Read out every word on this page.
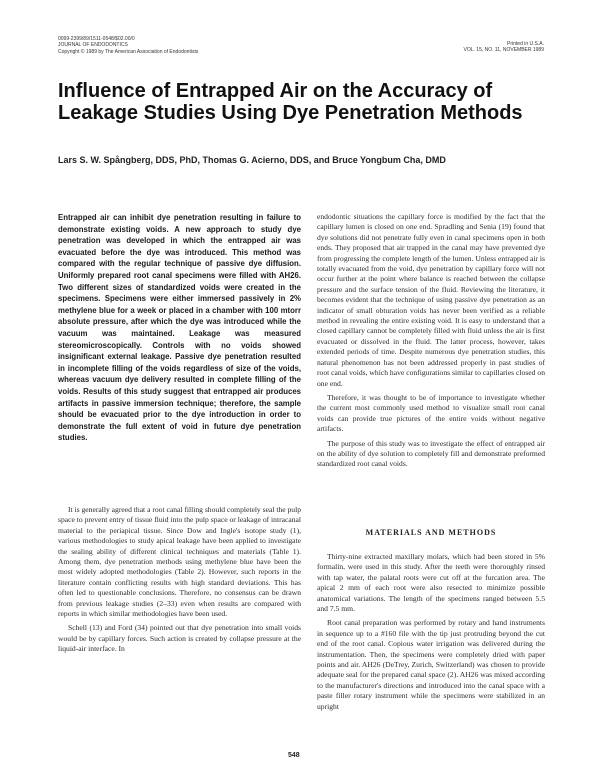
0099-2399/89/1511-0548/$02.00/0
JOURNAL OF ENDODONTICS
Copyright © 1989 by The American Association of Endodontists
Printed in U.S.A.
VOL. 15, NO. 11, NOVEMBER 1989
Influence of Entrapped Air on the Accuracy of Leakage Studies Using Dye Penetration Methods

Lars S. W. Spångberg, DDS, PhD, Thomas G. Acierno, DDS, and Bruce Yongbum Cha, DMD

Entrapped air can inhibit dye penetration resulting in failure to demonstrate existing voids. A new approach to study dye penetration was developed in which the entrapped air was evacuated before the dye was introduced. This method was compared with the regular technique of passive dye diffusion. Uniformly prepared root canal specimens were filled with AH26. Two different sizes of standardized voids were created in the specimens. Specimens were either immersed passively in 2% methylene blue for a week or placed in a chamber with 100 mtorr absolute pressure, after which the dye was introduced while the vacuum was maintained. Leakage was measured stereomicroscopically. Controls with no voids showed insignificant external leakage. Passive dye penetration resulted in incomplete filling of the voids regardless of size of the voids, whereas vacuum dye delivery resulted in complete filling of the voids. Results of this study suggest that entrapped air produces artifacts in passive immersion technique; therefore, the sample should be evacuated prior to the dye introduction in order to demonstrate the full extent of void in future dye penetration studies.

endodontic situations the capillary force is modified by the fact that the capillary lumen is closed on one end. Spradling and Senia (19) found that dye solutions did not penetrate fully even in canal specimens open in both ends. They proposed that air trapped in the canal may have prevented dye from progressing the complete length of the lumen. Unless entrapped air is totally evacuated from the void, dye penetration by capillary force will not occur further at the point where balance is reached between the collapse pressure and the surface tension of the fluid. Reviewing the literature, it becomes evident that the technique of using passive dye penetration as an indicator of small obturation voids has never been verified as a reliable method in revealing the entire existing void. It is easy to understand that a closed capillary cannot be completely filled with fluid unless the air is first evacuated or dissolved in the fluid. The latter process, however, takes extended periods of time. Despite numerous dye penetration studies, this natural phenomenon has not been addressed properly in past studies of root canal voids, which have configurations similar to capillaries closed on one end.

Therefore, it was thought to be of importance to investigate whether the current most commonly used method to visualize small root canal voids can provide true pictures of the entire voids without negative artifacts.

The purpose of this study was to investigate the effect of entrapped air on the ability of dye solution to completely fill and demonstrate preformed standardized root canal voids.

MATERIALS AND METHODS

It is generally agreed that a root canal filling should completely seal the pulp space to prevent entry of tissue fluid into the pulp space or leakage of intracanal material to the periapical tissue. Since Dow and Ingle's isotope study (1), various methodologies to study apical leakage have been applied to investigate the sealing ability of different clinical techniques and materials (Table 1). Among them, dye penetration methods using methylene blue have been the most widely adopted methodologies (Table 2). However, such reports in the literature contain conflicting results with high standard deviations. This has often led to questionable conclusions. Therefore, no consensus can be drawn from previous leakage studies (2–33) even when results are compared with reports in which similar methodologies have been used.

Schell (13) and Ford (34) pointed out that dye penetration into small voids would be by capillary forces. Such action is created by collapse pressure at the liquid-air interface. In

Thirty-nine extracted maxillary molars, which had been stored in 5% formalin, were used in this study. After the teeth were thoroughly rinsed with tap water, the palatal roots were cut off at the furcation area. The apical 2 mm of each root were also resected to minimize possible anatomical variations. The length of the specimens ranged between 5.5 and 7.5 mm.

Root canal preparation was performed by rotary and hand instruments in sequence up to a #160 file with the tip just protruding beyond the cut end of the root canal. Copious water irrigation was delivered during the instrumentation. Then, the specimens were completely dried with paper points and air. AH26 (DeTrey, Zurich, Switzerland) was chosen to provide adequate seal for the prepared canal space (2). AH26 was mixed according to the manufacturer's directions and introduced into the canal space with a paste filler rotary instrument while the specimens were stabilized in an upright

548
